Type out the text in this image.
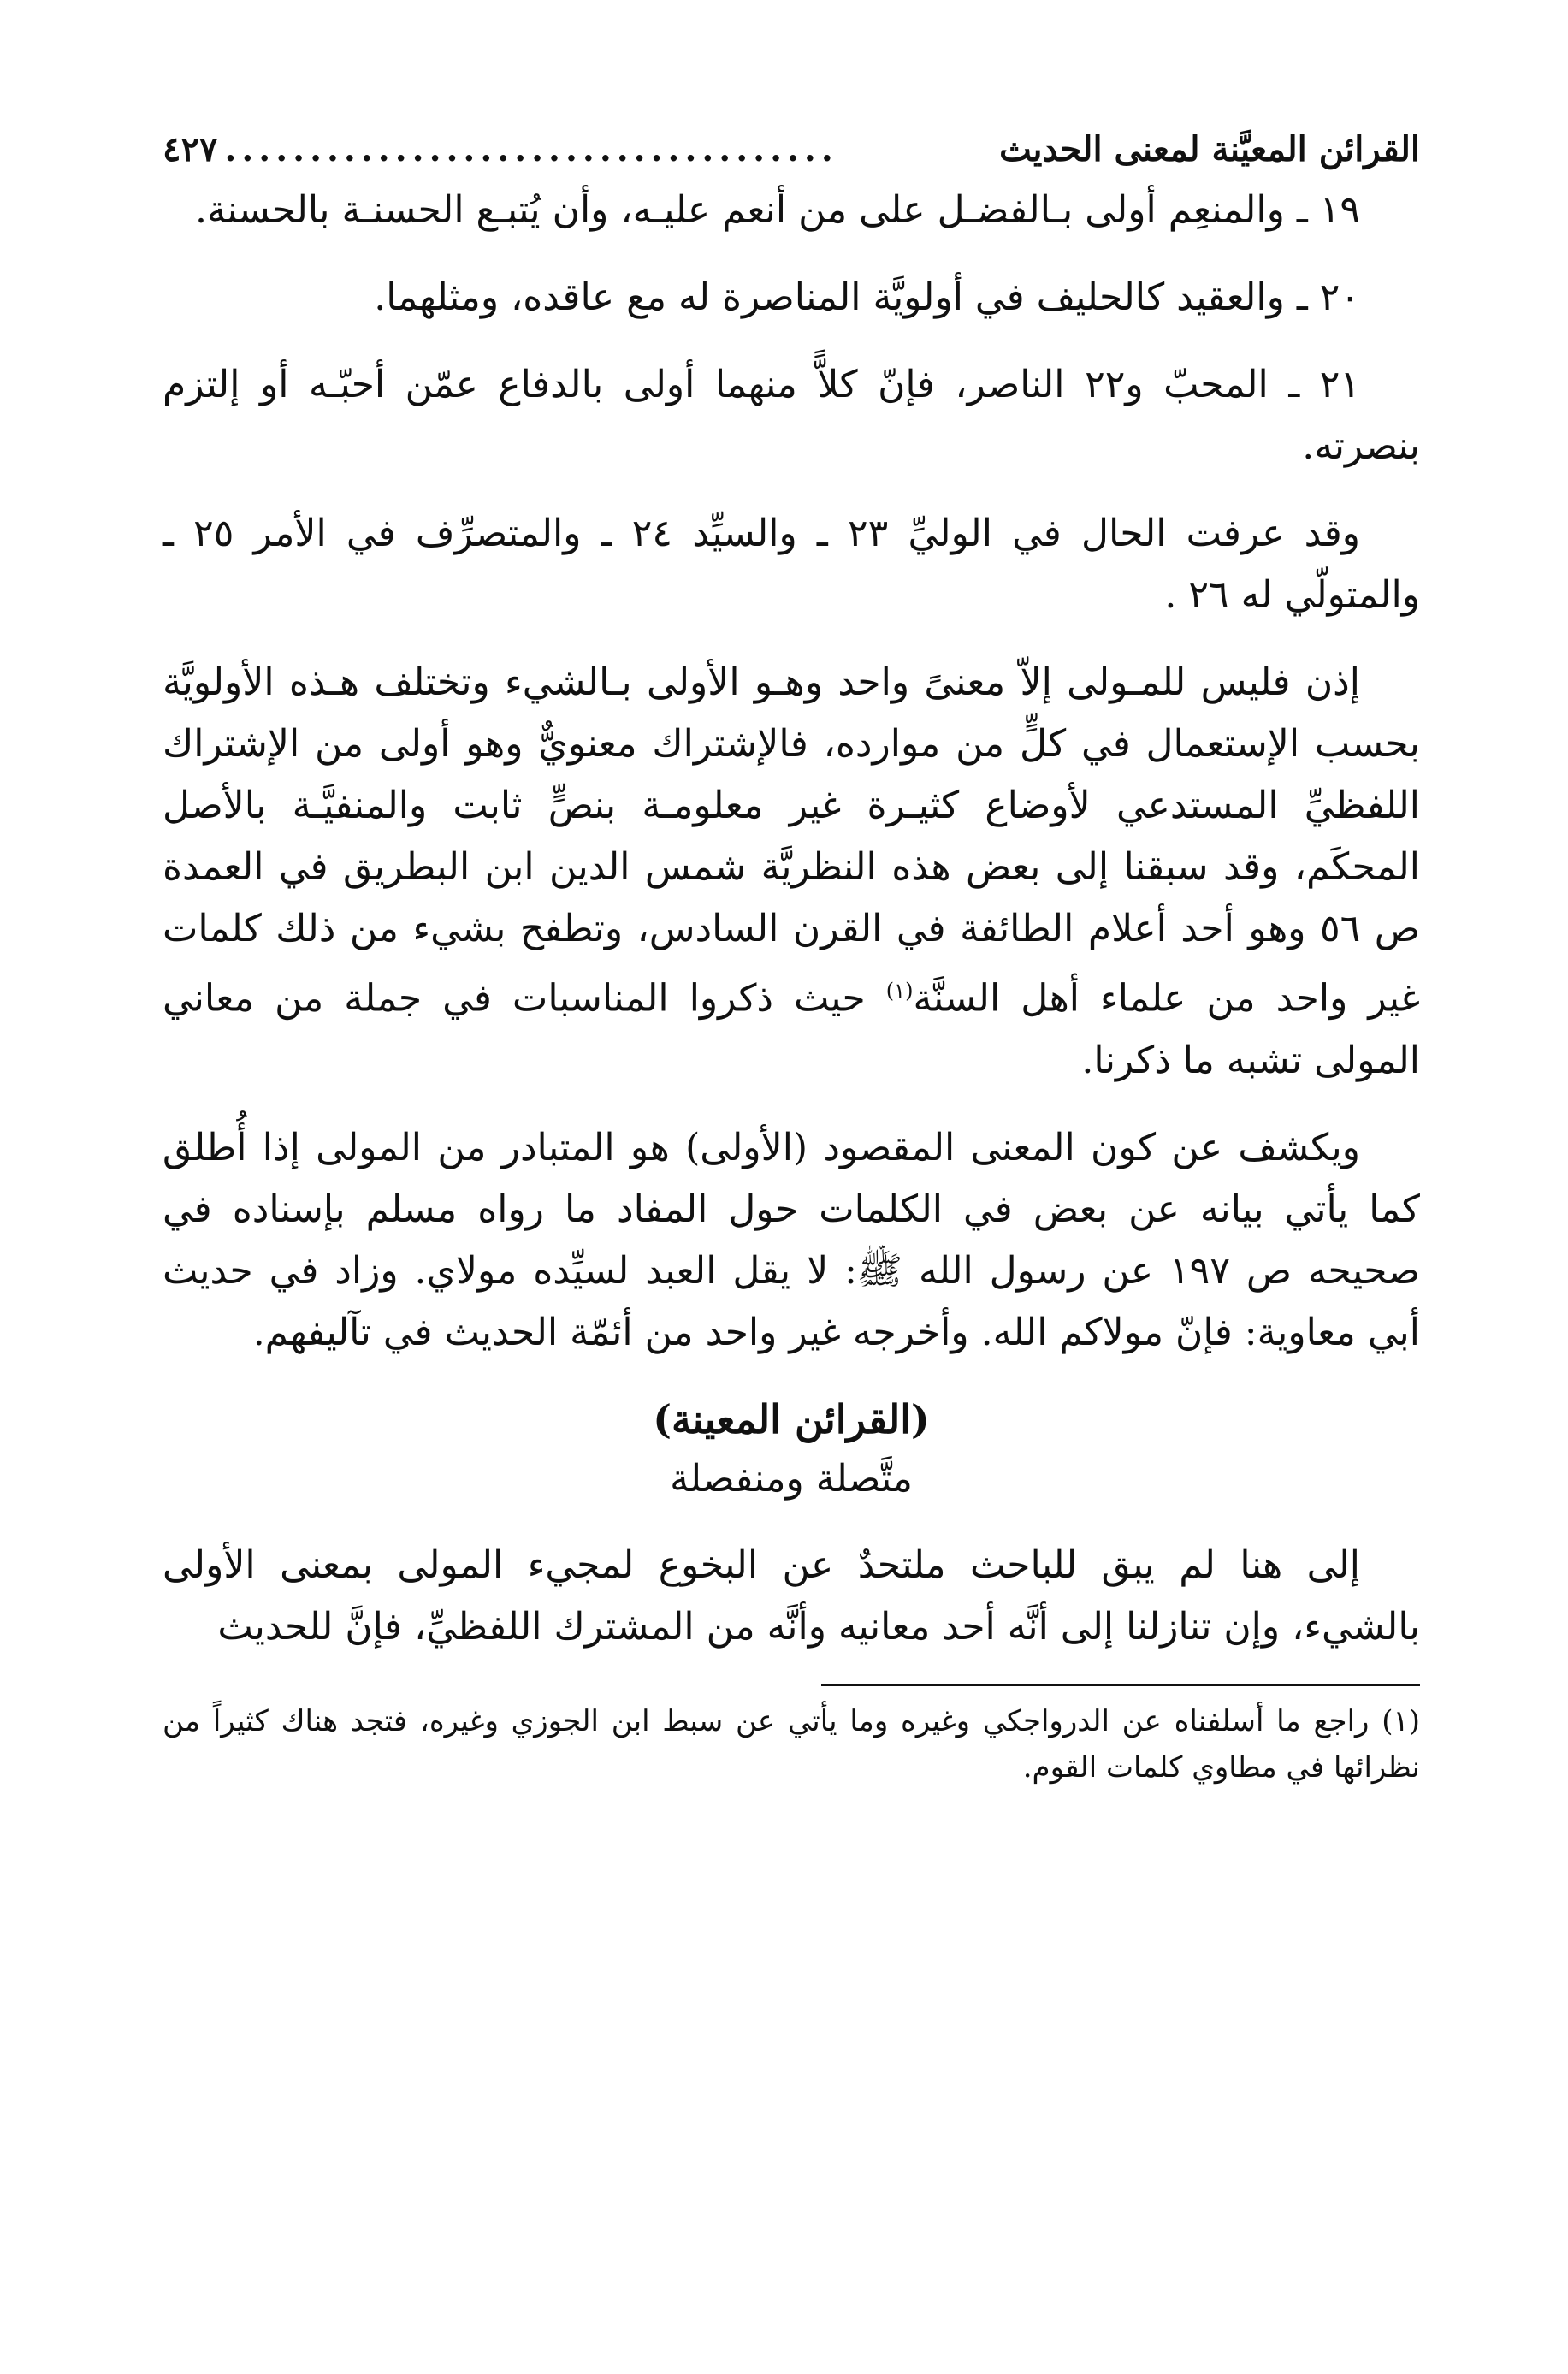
القرائن المعيَّنة لمعنى الحديث
....................................
٤٢٧

١٩ ـ والمنعِم أولى بـالفضـل على من أنعم عليـه، وأن يُتبـع الحسنـة بالحسنة.

٢٠ ـ والعقيد كالحليف في أولويَّة المناصرة له مع عاقده، ومثلهما.

٢١ ـ المحبّ و٢٢ الناصر، فإنّ كلاًّ منهما أولى بالدفاع عمّن أحبّـه أو إلتزم بنصرته.

وقد عرفت الحال في الوليِّ ٢٣ ـ والسيِّد ٢٤ ـ والمتصرِّف في الأمر ٢٥ ـ والمتولّي له ٢٦ .

إذن فليس للمـولى إلاّ معنىً واحد وهـو الأولى بـالشيء وتختلف هـذه الأولويَّة بحسب الإستعمال في كلٍّ من موارده، فالإشتراك معنويٌّ وهو أولى من الإشتراك اللفظيِّ المستدعي لأوضاع كثيـرة غير معلومـة بنصٍّ ثابت والمنفيَّـة بالأصل المحكَم، وقد سبقنا إلى بعض هذه النظريَّة شمس الدين ابن البطريق في العمدة ص ٥٦ وهو أحد أعلام الطائفة في القرن السادس، وتطفح بشيء من ذلك كلمات غير واحد من علماء أهل السنَّة$^{(١)}$ حيث ذكروا المناسبات في جملة من معاني المولى تشبه ما ذكرنا.

ويكشف عن كون المعنى المقصود (الأولى) هو المتبادر من المولى إذا أُطلق كما يأتي بيانه عن بعض في الكلمات حول المفاد ما رواه مسلم بإسناده في صحيحه ص ١٩٧ عن رسول الله ﷺ: لا يقل العبد لسيِّده مولاي. وزاد في حديث أبي معاوية: فإنّ مولاكم الله. وأخرجه غير واحد من أئمّة الحديث في تآليفهم.

(القرائن المعينة)
متَّصلة ومنفصلة

إلى هنا لم يبق للباحث ملتحدٌ عن البخوع لمجيء المولى بمعنى الأولى بالشيء، وإن تنازلنا إلى أنَّه أحد معانيه وأنَّه من المشترك اللفظيِّ، فإنَّ للحديث

(١) راجع ما أسلفناه عن الدرواجكي وغيره وما يأتي عن سبط ابن الجوزي وغيره، فتجد هناك كثيراً من نظرائها في مطاوي كلمات القوم.
